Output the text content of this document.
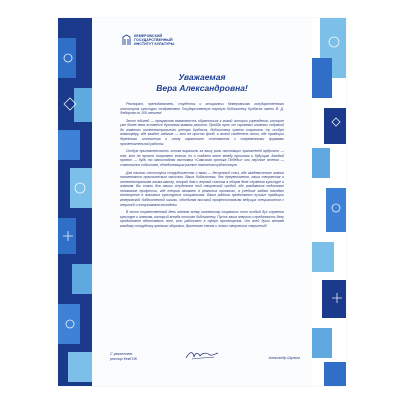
КЕМЕРОВСКИЙ
ГОСУДАРСТВЕННЫЙ
ИНСТИТУТ КУЛЬТУРЫ
Уважаемая
Вера Александровна!

Ректорат, преподаватели, студенты и аспиранты Кемеровского государственного института культуры поздравляют Государственную научную библиотеку Кузбасса имени В. Д. Федорова со 105-летием!

Этот юбилей — прекрасная возможность обратиться к живой истории учреждения, которое уже более века остается духовным маяком региона. Пройдя путь от скромных книжных собраний до главного интеллектуального центра Кузбасса, библиотека сумела сохранить ту особую атмосферу, где каждое издание — это не просто фонд, а живой свидетель эпохи, где традиции бережного отношения к слову гармонично сочетаются с современными формами просветительной работы.

Особую признательность хотим выразить за вашу роль настоящих хранителей мудрости — тех, кто не просто сохраняет знания, но и создает мост между прошлым и будущим. Каждый проект — будь то масштабная выставка «Самсская хроника Победы» или научные чтения — становится событием, объединяющим разные поколения кузбассовцев.

Для нашего института сотрудничество с вами — бесценный союз, где академические знания наполняются практическим смыслом. Ваша библиотека, без преувеличения, наша творческая и интеллектуальная альма-матер, второй дом и верный союзник в общем деле служения культуре и знаниям. Вы стали для наших студентов той творческой средой, где рождаются подлинные понимание профессии, где теория оживает в реальных проектах, а учебные задачи находят воплощение в значимых культурных инициативах. Ваше работа продолжают лучшие традиции кемеровской библиотечной школы, объединяя высокий профессионализм ведущих специалистов с энергией и энтузиазмом молодежи.

В этот торжественный день желаем всему коллективу сохранить тот особый дух служения культуре и знаниям, который всегда отличал библиотеку. Пусть ваша энергия и преданность делу продолжают вдохновлять всех, кто работает в сфере просвещения. От всей души желаем каждому сотруднику крепкого здоровья, душевного тепла и новых творческих свершений!

С уважением,
ректор КемГИК	Александр Шунков
